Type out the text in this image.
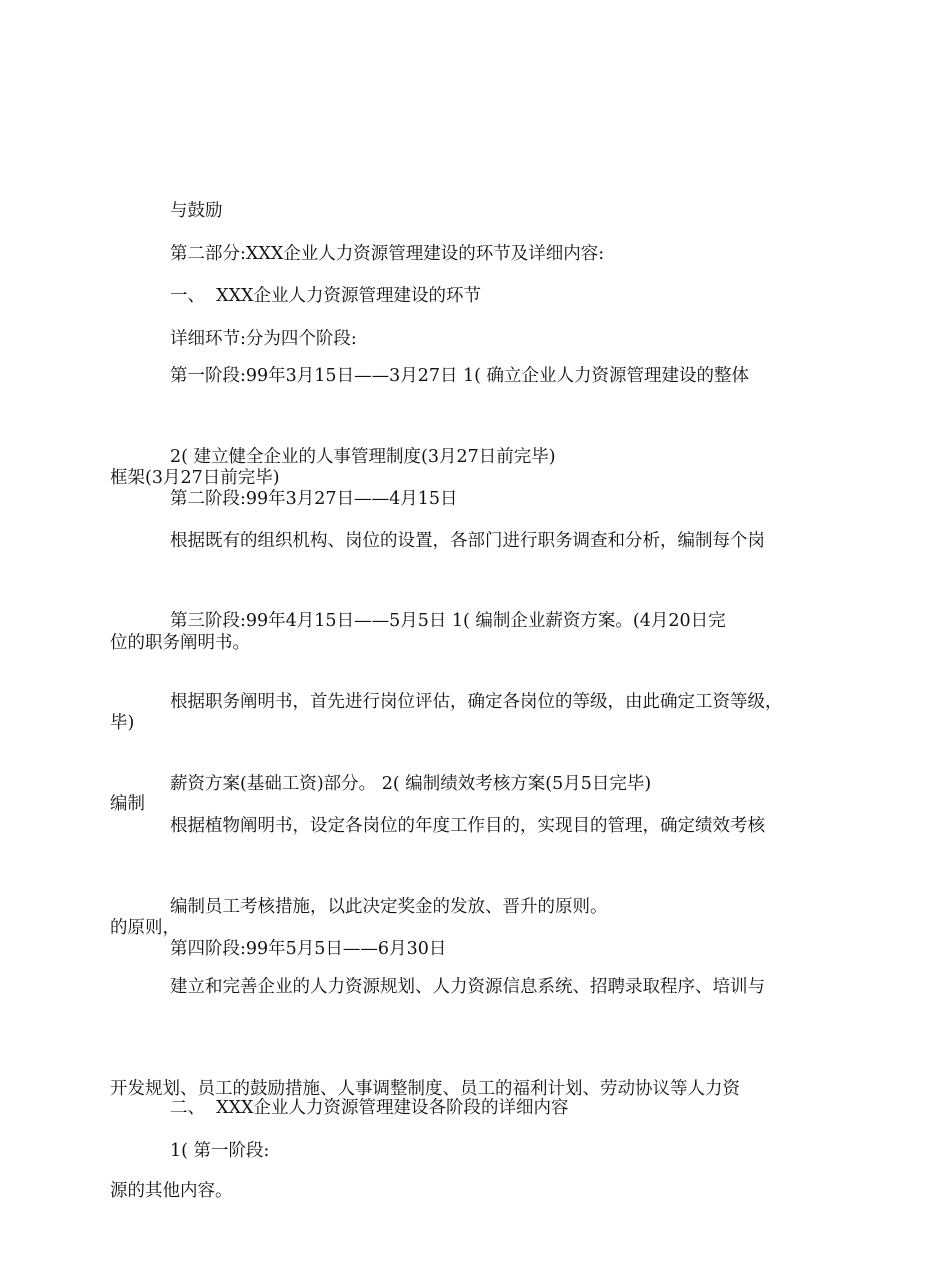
与鼓励

第二部分:XXX企业人力资源管理建设的环节及详细内容:

一、  XXX企业人力资源管理建设的环节

详细环节:分为四个阶段:

第一阶段:99年3月15日——3月27日 1( 确立企业人力资源管理建设的整体

框架(3月27日前完毕)

2( 建立健全企业的人事管理制度(3月27日前完毕)

第二阶段:99年3月27日——4月15日

根据既有的组织机构、岗位的设置，各部门进行职务调查和分析，编制每个岗

位的职务阐明书。

第三阶段:99年4月15日——5月5日 1( 编制企业薪资方案。(4月20日完

毕)

根据职务阐明书，首先进行岗位评估，确定各岗位的等级，由此确定工资等级，

编制

薪资方案(基础工资)部分。 2( 编制绩效考核方案(5月5日完毕)

根据植物阐明书，设定各岗位的年度工作目的，实现目的管理，确定绩效考核

的原则，

编制员工考核措施，以此决定奖金的发放、晋升的原则。

第四阶段:99年5月5日——6月30日

建立和完善企业的人力资源规划、人力资源信息系统、招聘录取程序、培训与

开发规划、员工的鼓励措施、人事调整制度、员工的福利计划、劳动协议等人力资

源的其他内容。

二、  XXX企业人力资源管理建设各阶段的详细内容

1( 第一阶段:
